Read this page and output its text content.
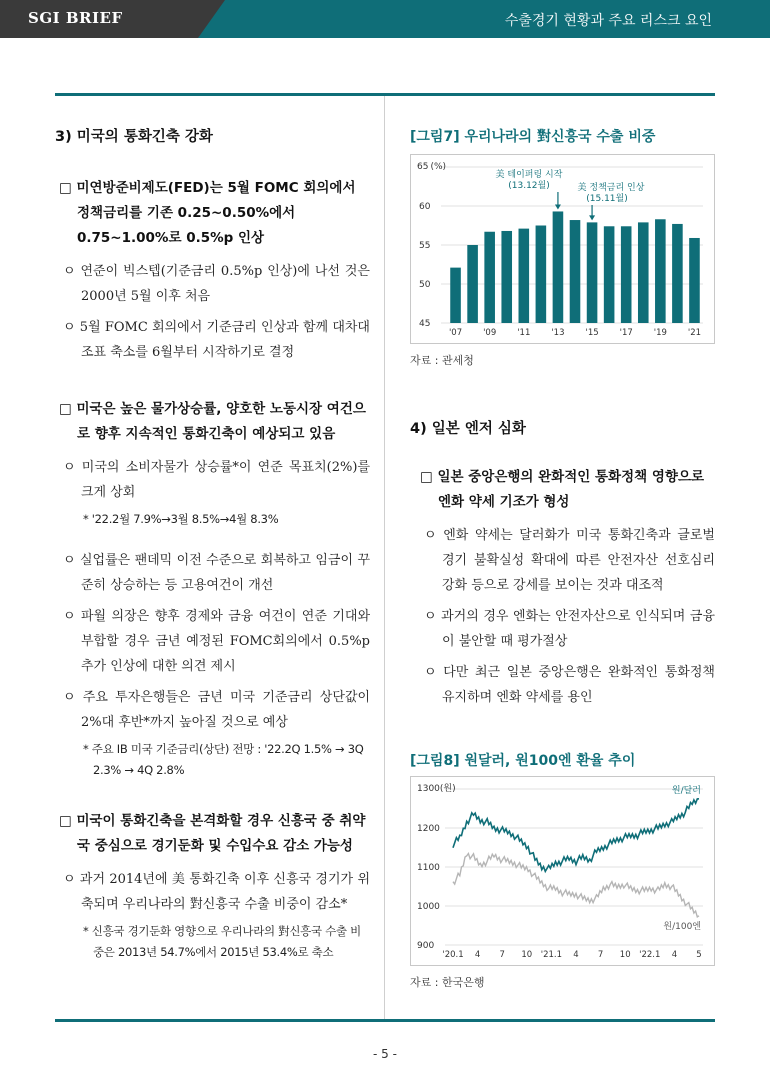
SGI BRIEF	수출경기 현황과 주요 리스크 요인
3) 미국의 통화긴축 강화
□ 미연방준비제도(FED)는 5월 FOMC 회의에서 정책금리를 기존 0.25~0.50%에서 0.75~1.00%로 0.5%p 인상
ㅇ 연준이 빅스텝(기준금리 0.5%p 인상)에 나선 것은 2000년 5월 이후 처음
ㅇ 5월 FOMC 회의에서 기준금리 인상과 함께 대차대조표 축소를 6월부터 시작하기로 결정
□ 미국은 높은 물가상승률, 양호한 노동시장 여건으로 향후 지속적인 통화긴축이 예상되고 있음
ㅇ 미국의 소비자물가 상승률*이 연준 목표치(2%)를 크게 상회
* '22.2월 7.9%→3월 8.5%→4월 8.3%
ㅇ 실업률은 팬데믹 이전 수준으로 회복하고 임금이 꾸준히 상승하는 등 고용여건이 개선
ㅇ 파월 의장은 향후 경제와 금융 여건이 연준 기대와 부합할 경우 금년 예정된 FOMC회의에서 0.5%p 추가 인상에 대한 의견 제시
ㅇ 주요 투자은행들은 금년 미국 기준금리 상단값이 2%대 후반*까지 높아질 것으로 예상
* 주요 IB 미국 기준금리(상단) 전망 : '22.2Q 1.5% → 3Q 2.3% → 4Q 2.8%
□ 미국이 통화긴축을 본격화할 경우 신흥국 중 취약국 중심으로 경기둔화 및 수입수요 감소 가능성
ㅇ 과거 2014년에 美 통화긴축 이후 신흥국 경기가 위축되며 우리나라의 對신흥국 수출 비중이 감소*
* 신흥국 경기둔화 영향으로 우리나라의 對신흥국 수출 비중은 2013년 54.7%에서 2015년 53.4%로 축소
[그림7] 우리나라의 對신흥국 수출 비중
60
55
50
45
'07 '09 '11 '13 '15 '17 '19 '21
65 (%)
美 테이퍼링 시작
(13.12월)	美 정책금리 인상
(15.11월)
자료 : 관세청
4) 일본 엔저 심화
□ 일본 중앙은행의 완화적인 통화정책 영향으로 엔화 약세 기조가 형성
ㅇ 엔화 약세는 달러화가 미국 통화긴축과 글로벌 경기 불확실성 확대에 따른 안전자산 선호심리 강화 등으로 강세를 보이는 것과 대조적
ㅇ 과거의 경우 엔화는 안전자산으로 인식되며 금융이 불안할 때 평가절상
ㅇ 다만 최근 일본 중앙은행은 완화적인 통화정책 유지하며 엔화 약세를 용인
[그림8] 원달러, 원100엔 환율 추이
1200
1100
1000
900
'20.1 4 7 10 '21.1 4 7 10 '22.1 4 5
1300(원)	원/달러
원/100엔
자료 : 한국은행
- 5 -
